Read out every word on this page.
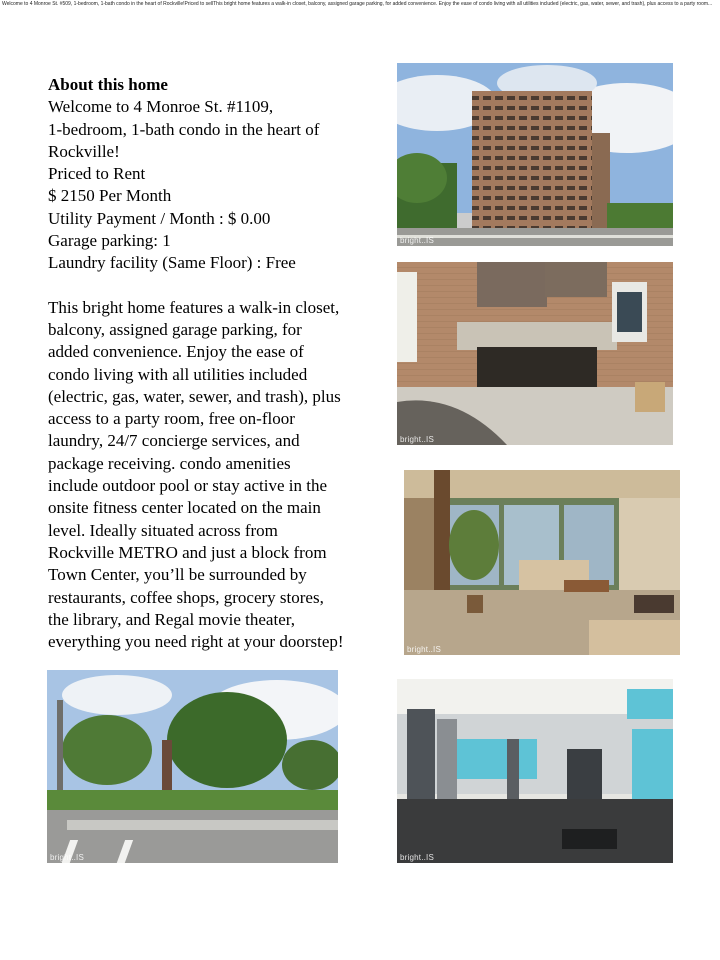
Welcome to 4 Monroe St. #509, 1-bedroom, 1-bath condo in the heart of Rockville!Priced to sellThis bright home features a walk-in closet, balcony, assigned garage parking, for added convenience. Enjoy the ease of condo living with all utilities included (electric, gas, water, sewer, and trash), plus access to a party room...
About this home
Welcome to 4 Monroe St. #1109,
1-bedroom, 1-bath condo in the heart of
Rockville!
Priced to Rent
$ 2150 Per Month
Utility Payment / Month : $ 0.00
Garage parking: 1
Laundry facility (Same Floor) : Free
This bright home features a walk-in closet,
balcony, assigned garage parking, for
added convenience. Enjoy the ease of
condo living with all utilities included
(electric, gas, water, sewer, and trash), plus
access to a party room, free on-floor
laundry, 24/7 concierge services, and
package receiving. condo amenities
include outdoor pool or stay active in the
onsite fitness center located on the main
level. Ideally situated across from
Rockville METRO and just a block from
Town Center, you’ll be surrounded by
restaurants, coffee shops, grocery stores,
the library, and Regal movie theater,
everything you need right at your doorstep!
bright..IS
bright..IS
bright..IS
bright..IS	bright..IS
